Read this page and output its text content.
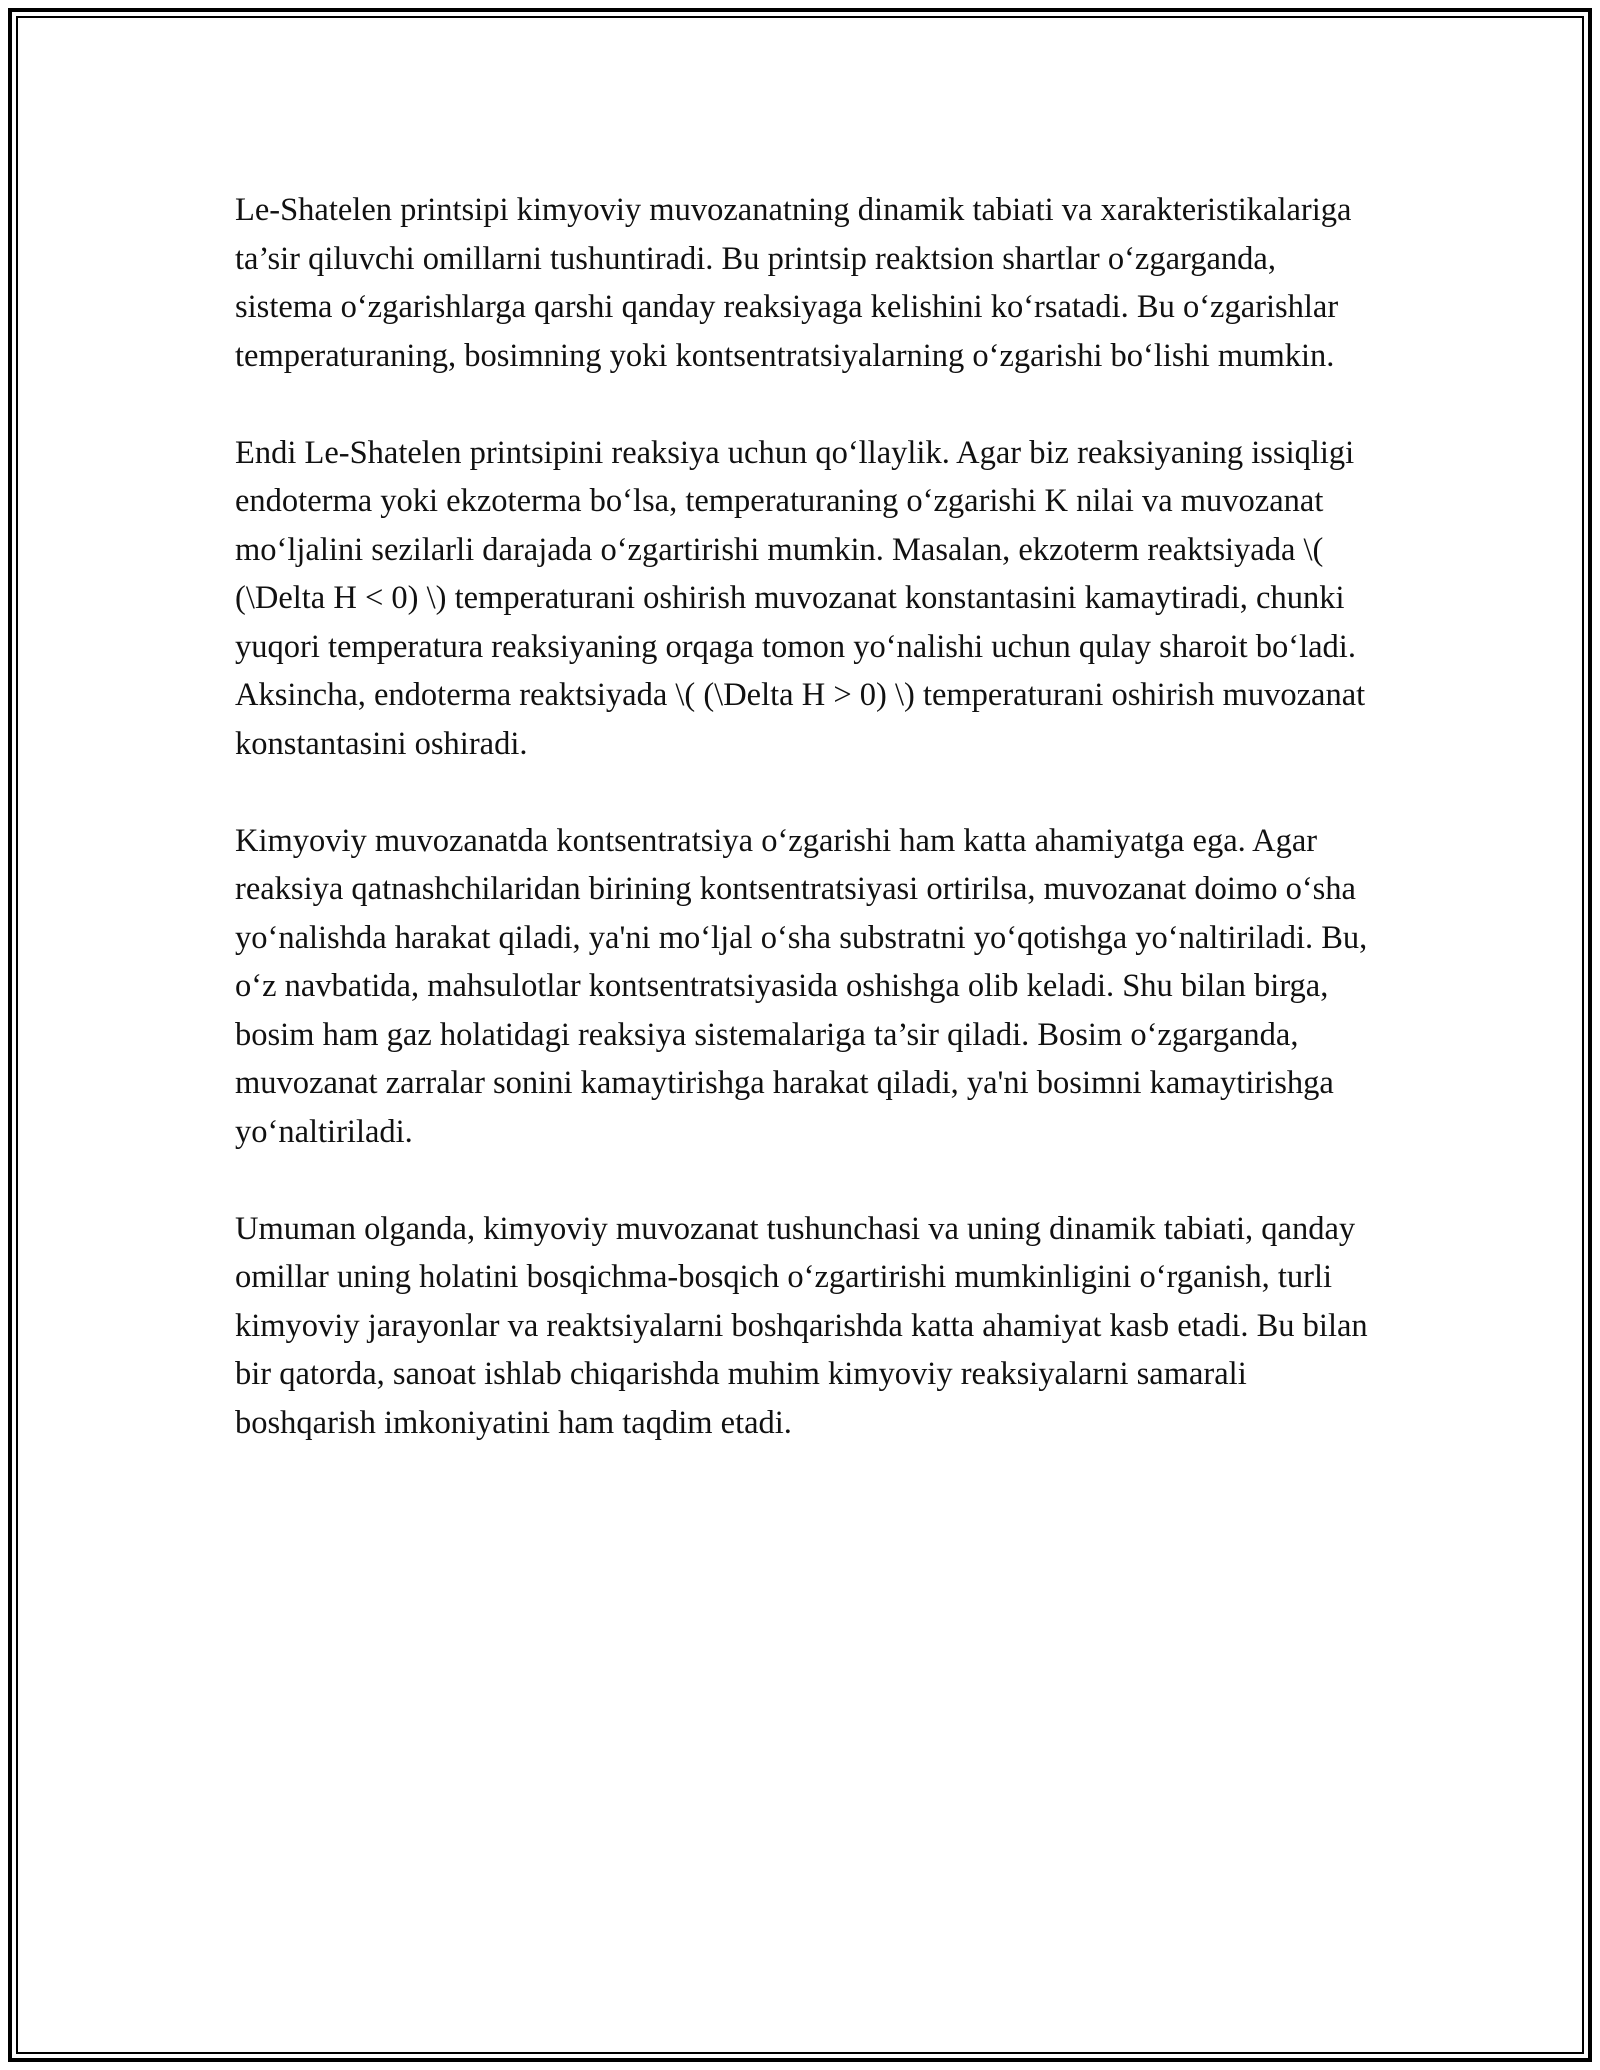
Le-Shatelen printsipi kimyoviy muvozanatning dinamik tabiati va xarakteristikalariga ta’sir qiluvchi omillarni tushuntiradi. Bu printsip reaktsion shartlar o‘zgarganda, sistema o‘zgarishlarga qarshi qanday reaksiyaga kelishini ko‘rsatadi. Bu o‘zgarishlar temperaturaning, bosimning yoki kontsentratsiyalarning o‘zgarishi bo‘lishi mumkin.

Endi Le-Shatelen printsipini reaksiya uchun qo‘llaylik. Agar biz reaksiyaning issiqligi endoterma yoki ekzoterma bo‘lsa, temperaturaning o‘zgarishi K nilai va muvozanat mo‘ljalini sezilarli darajada o‘zgartirishi mumkin. Masalan, ekzoterm reaktsiyada \( (\Delta H < 0) \) temperaturani oshirish muvozanat konstantasini kamaytiradi, chunki yuqori temperatura reaksiyaning orqaga tomon yo‘nalishi uchun qulay sharoit bo‘ladi. Aksincha, endoterma reaktsiyada \( (\Delta H > 0) \) temperaturani oshirish muvozanat konstantasini oshiradi.

Kimyoviy muvozanatda kontsentratsiya o‘zgarishi ham katta ahamiyatga ega. Agar reaksiya qatnashchilaridan birining kontsentratsiyasi ortirilsa, muvozanat doimo o‘sha yo‘nalishda harakat qiladi, ya'ni mo‘ljal o‘sha substratni yo‘qotishga yo‘naltiriladi. Bu, o‘z navbatida, mahsulotlar kontsentratsiyasida oshishga olib keladi. Shu bilan birga, bosim ham gaz holatidagi reaksiya sistemalariga ta’sir qiladi. Bosim o‘zgarganda, muvozanat zarralar sonini kamaytirishga harakat qiladi, ya'ni bosimni kamaytirishga yo‘naltiriladi.

Umuman olganda, kimyoviy muvozanat tushunchasi va uning dinamik tabiati, qanday omillar uning holatini bosqichma-bosqich o‘zgartirishi mumkinligini o‘rganish, turli kimyoviy jarayonlar va reaktsiyalarni boshqarishda katta ahamiyat kasb etadi. Bu bilan bir qatorda, sanoat ishlab chiqarishda muhim kimyoviy reaksiyalarni samarali boshqarish imkoniyatini ham taqdim etadi.
